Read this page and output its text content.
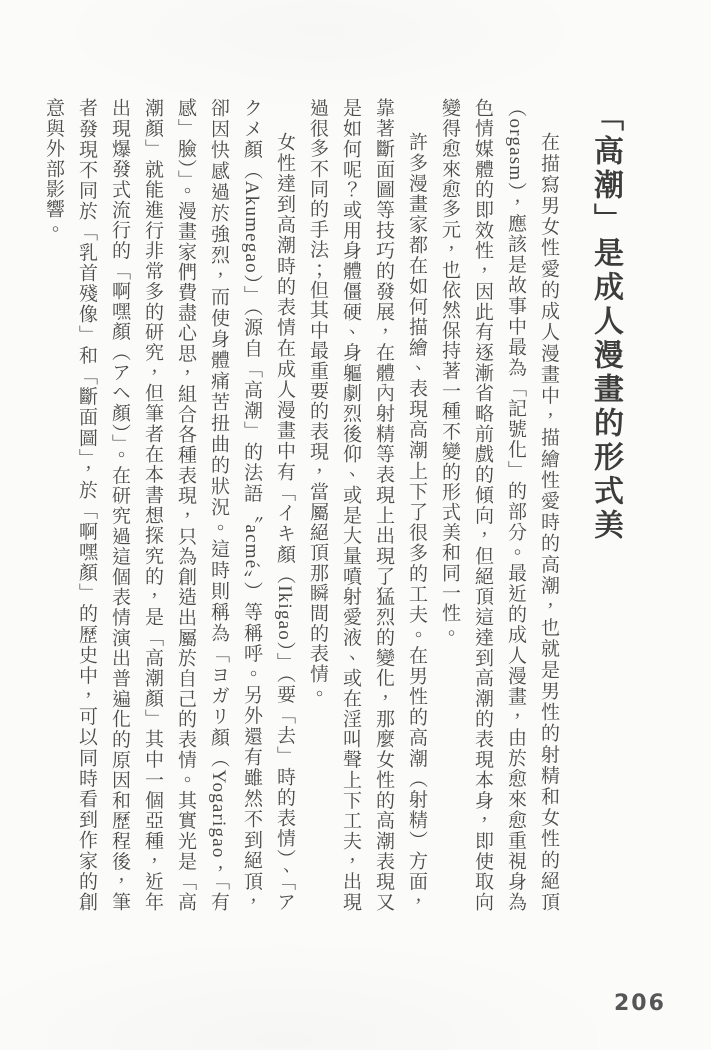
「高潮」是成人漫畫的形式美

在描寫男女性愛的成人漫畫中，描繪性愛時的高潮，也就是男性的射精和女性的絕頂（orgasm），應該是故事中最為「記號化」的部分。最近的成人漫畫，由於愈來愈重視身為色情媒體的即效性，因此有逐漸省略前戲的傾向，但絕頂這達到高潮的表現本身，即使取向變得愈來愈多元，也依然保持著一種不變的形式美和同一性。

許多漫畫家都在如何描繪、表現高潮上下了很多的工夫。在男性的高潮（射精）方面，靠著斷面圖等技巧的發展，在體內射精等表現上出現了猛烈的變化，那麼女性的高潮表現又是如何呢？或用身體僵硬、身軀劇烈後仰、或是大量噴射愛液、或在淫叫聲上下工夫，出現過很多不同的手法；但其中最重要的表現，當屬絕頂那瞬間的表情。

女性達到高潮時的表情在成人漫畫中有「イキ顏（Ikigao）」（要「去」時的表情）、「アクメ顏（Akumegao）」（源自「高潮」的法語〝acmé〟）等稱呼。另外還有雖然不到絕頂，卻因快感過於強烈，而使身體痛苦扭曲的狀況。這時則稱為「ヨガリ顏（Yogarigao，「有感」臉）」。漫畫家們費盡心思，組合各種表現，只為創造出屬於自己的表情。其實光是「高潮顏」就能進行非常多的研究，但筆者在本書想探究的，是「高潮顏」其中一個亞種，近年出現爆發式流行的「啊嘿顏（アヘ顏）」。在研究過這個表情演出普遍化的原因和歷程後，筆者發現不同於「乳首殘像」和「斷面圖」，於「啊嘿顏」的歷史中，可以同時看到作家的創意與外部影響。

206
